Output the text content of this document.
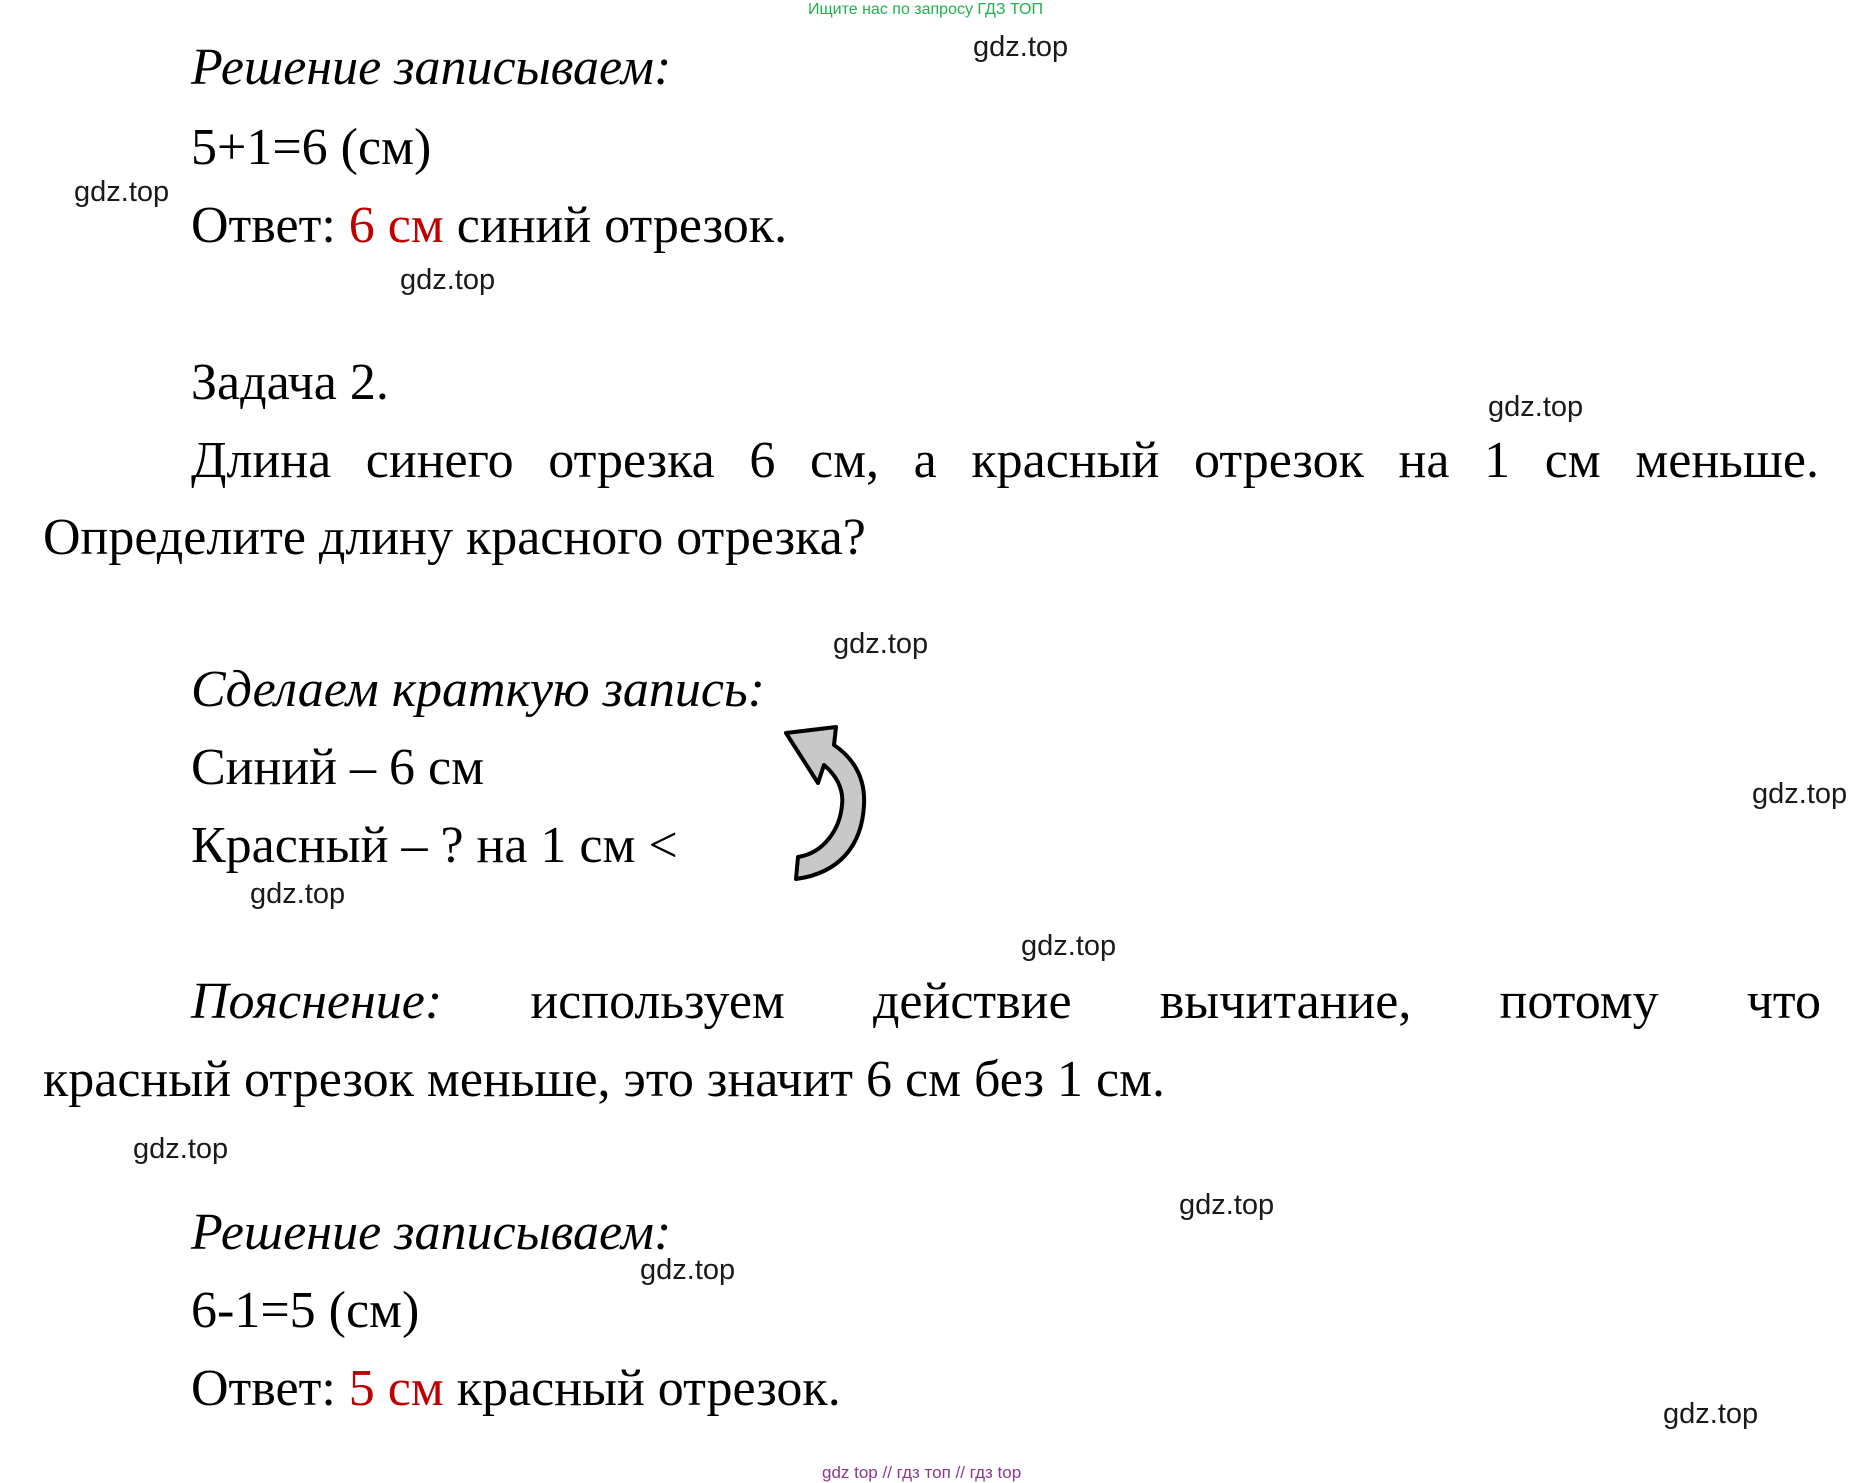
Ищите нас по запросу ГДЗ ТОП
Решение записываем:
5+1=6 (см)
Ответ: 6 см синий отрезок.
Задача 2.
Длина синего отрезка 6 см, а красный отрезок на 1 см меньше.
Определите длину красного отрезка?
Сделаем краткую запись:
Синий – 6 см
Красный – ? на 1 см <
Пояснение: используем действие вычитание, потому что
красный отрезок меньше, это значит 6 см без 1 см.
Решение записываем:
6-1=5 (см)
Ответ: 5 см красный отрезок.
gdz.top
gdz.top
gdz.top
gdz.top
gdz.top
gdz.top
gdz.top
gdz.top
gdz.top
gdz.top
gdz.top
gdz.top
gdz top // гдз топ // гдз top
